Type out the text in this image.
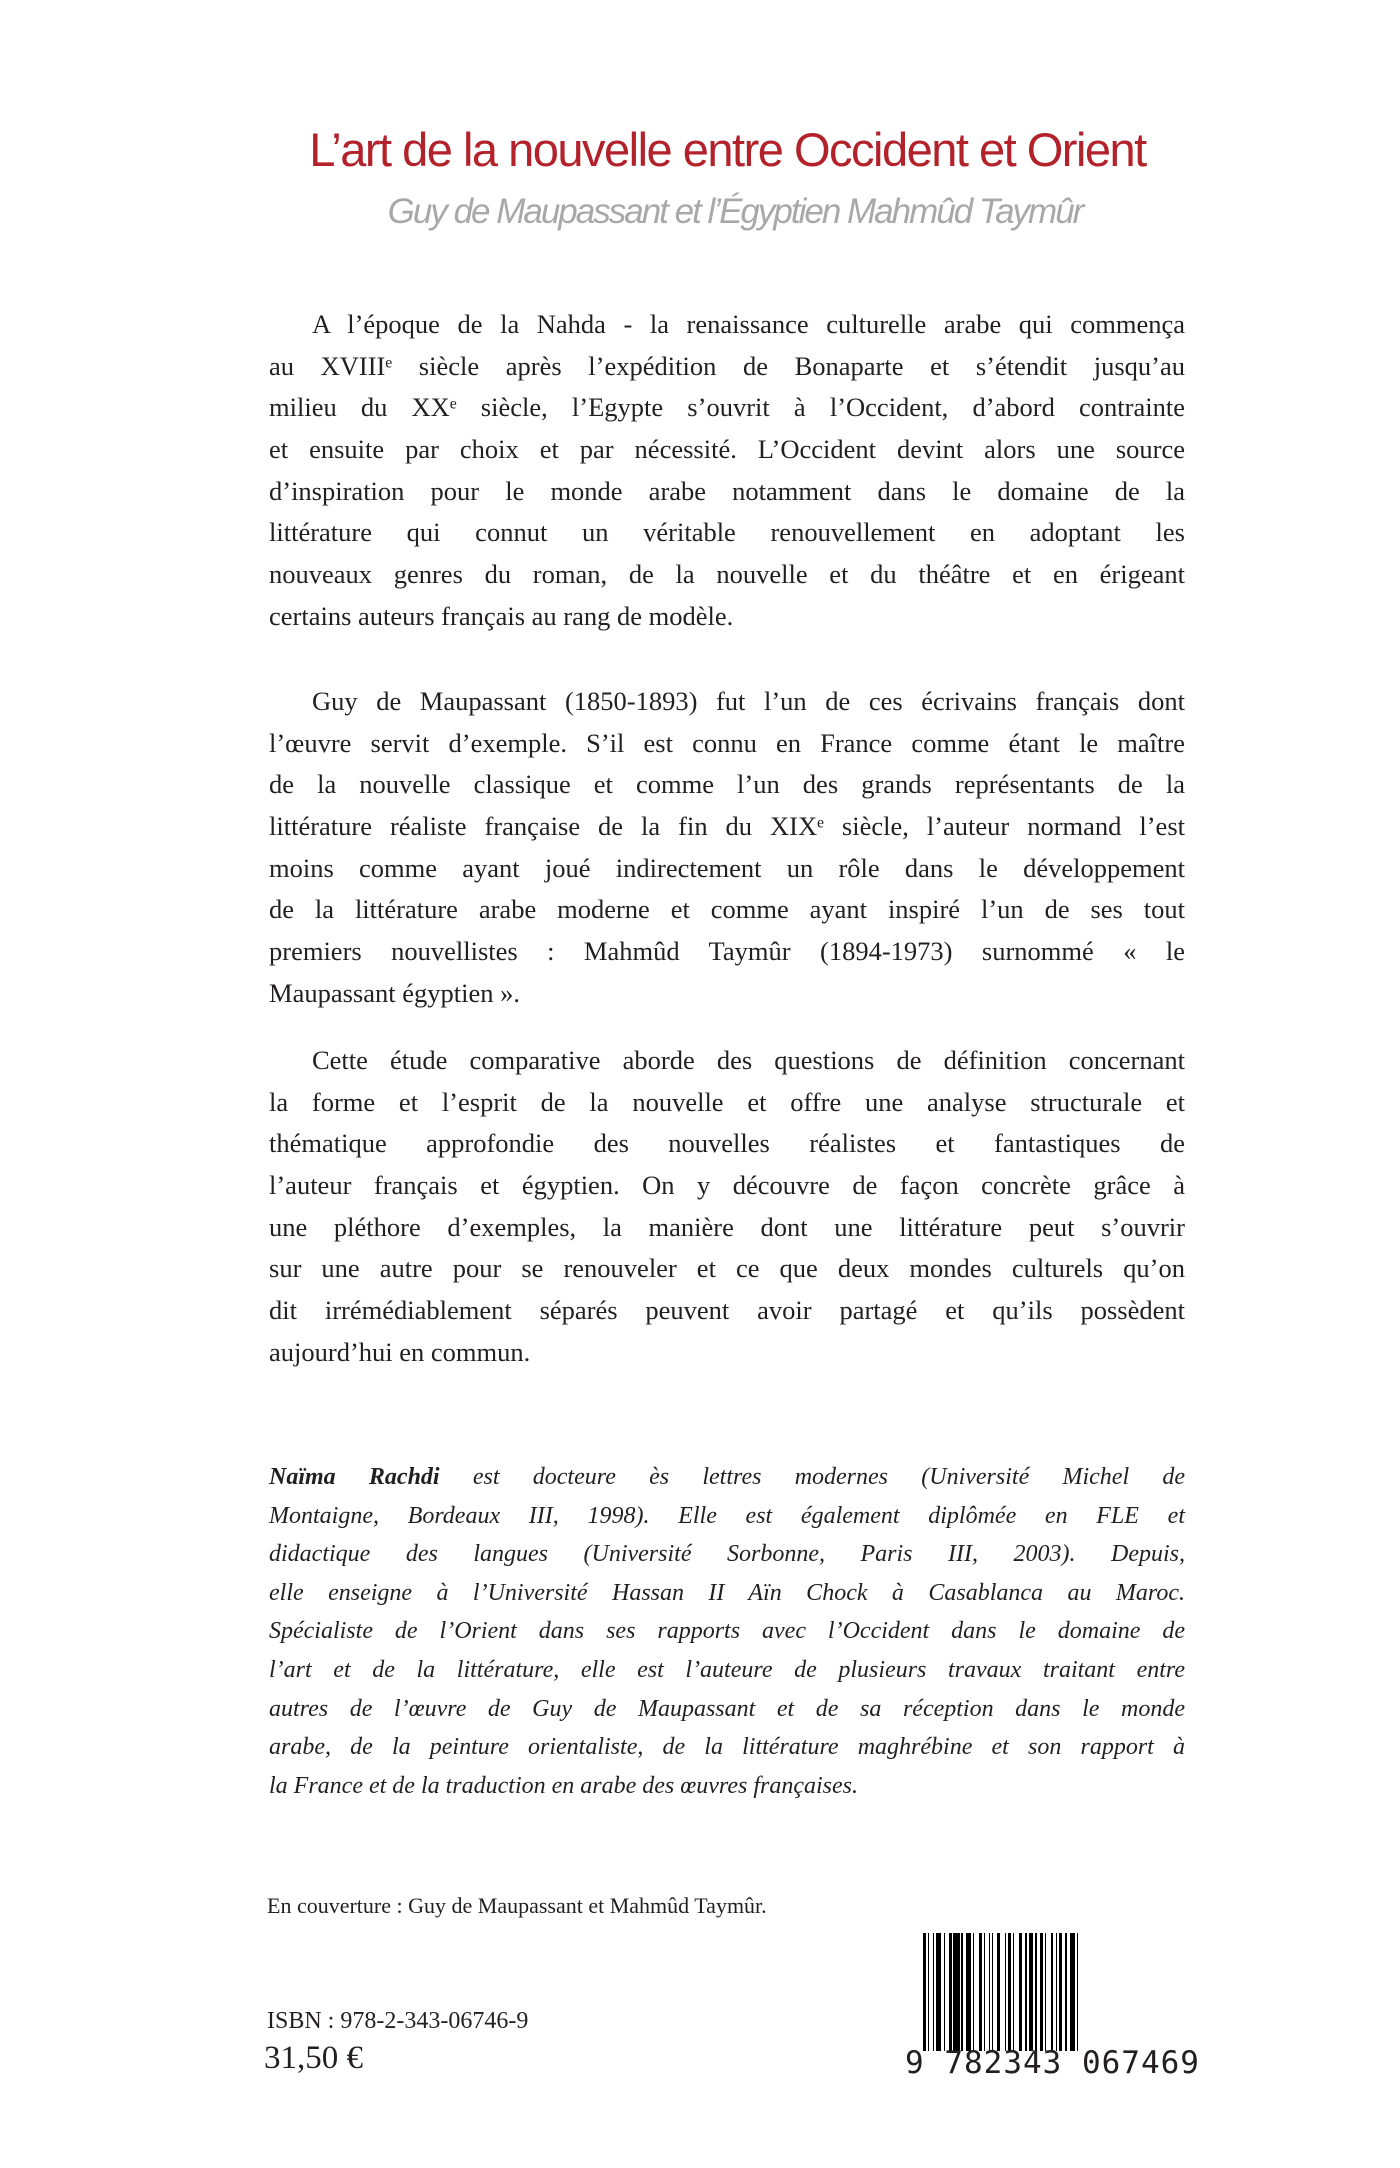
L’art de la nouvelle entre Occident et Orient
Guy de Maupassant et l’Égyptien Mahmûd Taymûr
A l’époque de la Nahda - la renaissance culturelle arabe qui commença
au XVIIIᵉ siècle après l’expédition de Bonaparte et s’étendit jusqu’au
milieu du XXᵉ siècle, l’Egypte s’ouvrit à l’Occident, d’abord contrainte
et ensuite par choix et par nécessité. L’Occident devint alors une source
d’inspiration pour le monde arabe notamment dans le domaine de la
littérature qui connut un véritable renouvellement en adoptant les
nouveaux genres du roman, de la nouvelle et du théâtre et en érigeant
certains auteurs français au rang de modèle.
Guy de Maupassant (1850-1893) fut l’un de ces écrivains français dont
l’œuvre servit d’exemple. S’il est connu en France comme étant le maître
de la nouvelle classique et comme l’un des grands représentants de la
littérature réaliste française de la fin du XIXᵉ siècle, l’auteur normand l’est
moins comme ayant joué indirectement un rôle dans le développement
de la littérature arabe moderne et comme ayant inspiré l’un de ses tout
premiers nouvellistes : Mahmûd Taymûr (1894-1973) surnommé « le
Maupassant égyptien ».
Cette étude comparative aborde des questions de définition concernant
la forme et l’esprit de la nouvelle et offre une analyse structurale et
thématique approfondie des nouvelles réalistes et fantastiques de
l’auteur français et égyptien. On y découvre de façon concrète grâce à
une pléthore d’exemples, la manière dont une littérature peut s’ouvrir
sur une autre pour se renouveler et ce que deux mondes culturels qu’on
dit irrémédiablement séparés peuvent avoir partagé et qu’ils possèdent
aujourd’hui en commun.
Naïma Rachdi est docteure ès lettres modernes (Université Michel de
Montaigne, Bordeaux III, 1998). Elle est également diplômée en FLE et
didactique des langues (Université Sorbonne, Paris III, 2003). Depuis,
elle enseigne à l’Université Hassan II Aïn Chock à Casablanca au Maroc.
Spécialiste de l’Orient dans ses rapports avec l’Occident dans le domaine de
l’art et de la littérature, elle est l’auteure de plusieurs travaux traitant entre
autres de l’œuvre de Guy de Maupassant et de sa réception dans le monde
arabe, de la peinture orientaliste, de la littérature maghrébine et son rapport à
la France et de la traduction en arabe des œuvres françaises.
En couverture : Guy de Maupassant et Mahmûd Taymûr.
ISBN : 978-2-343-06746-9
31,50 €	9 782343 067469
